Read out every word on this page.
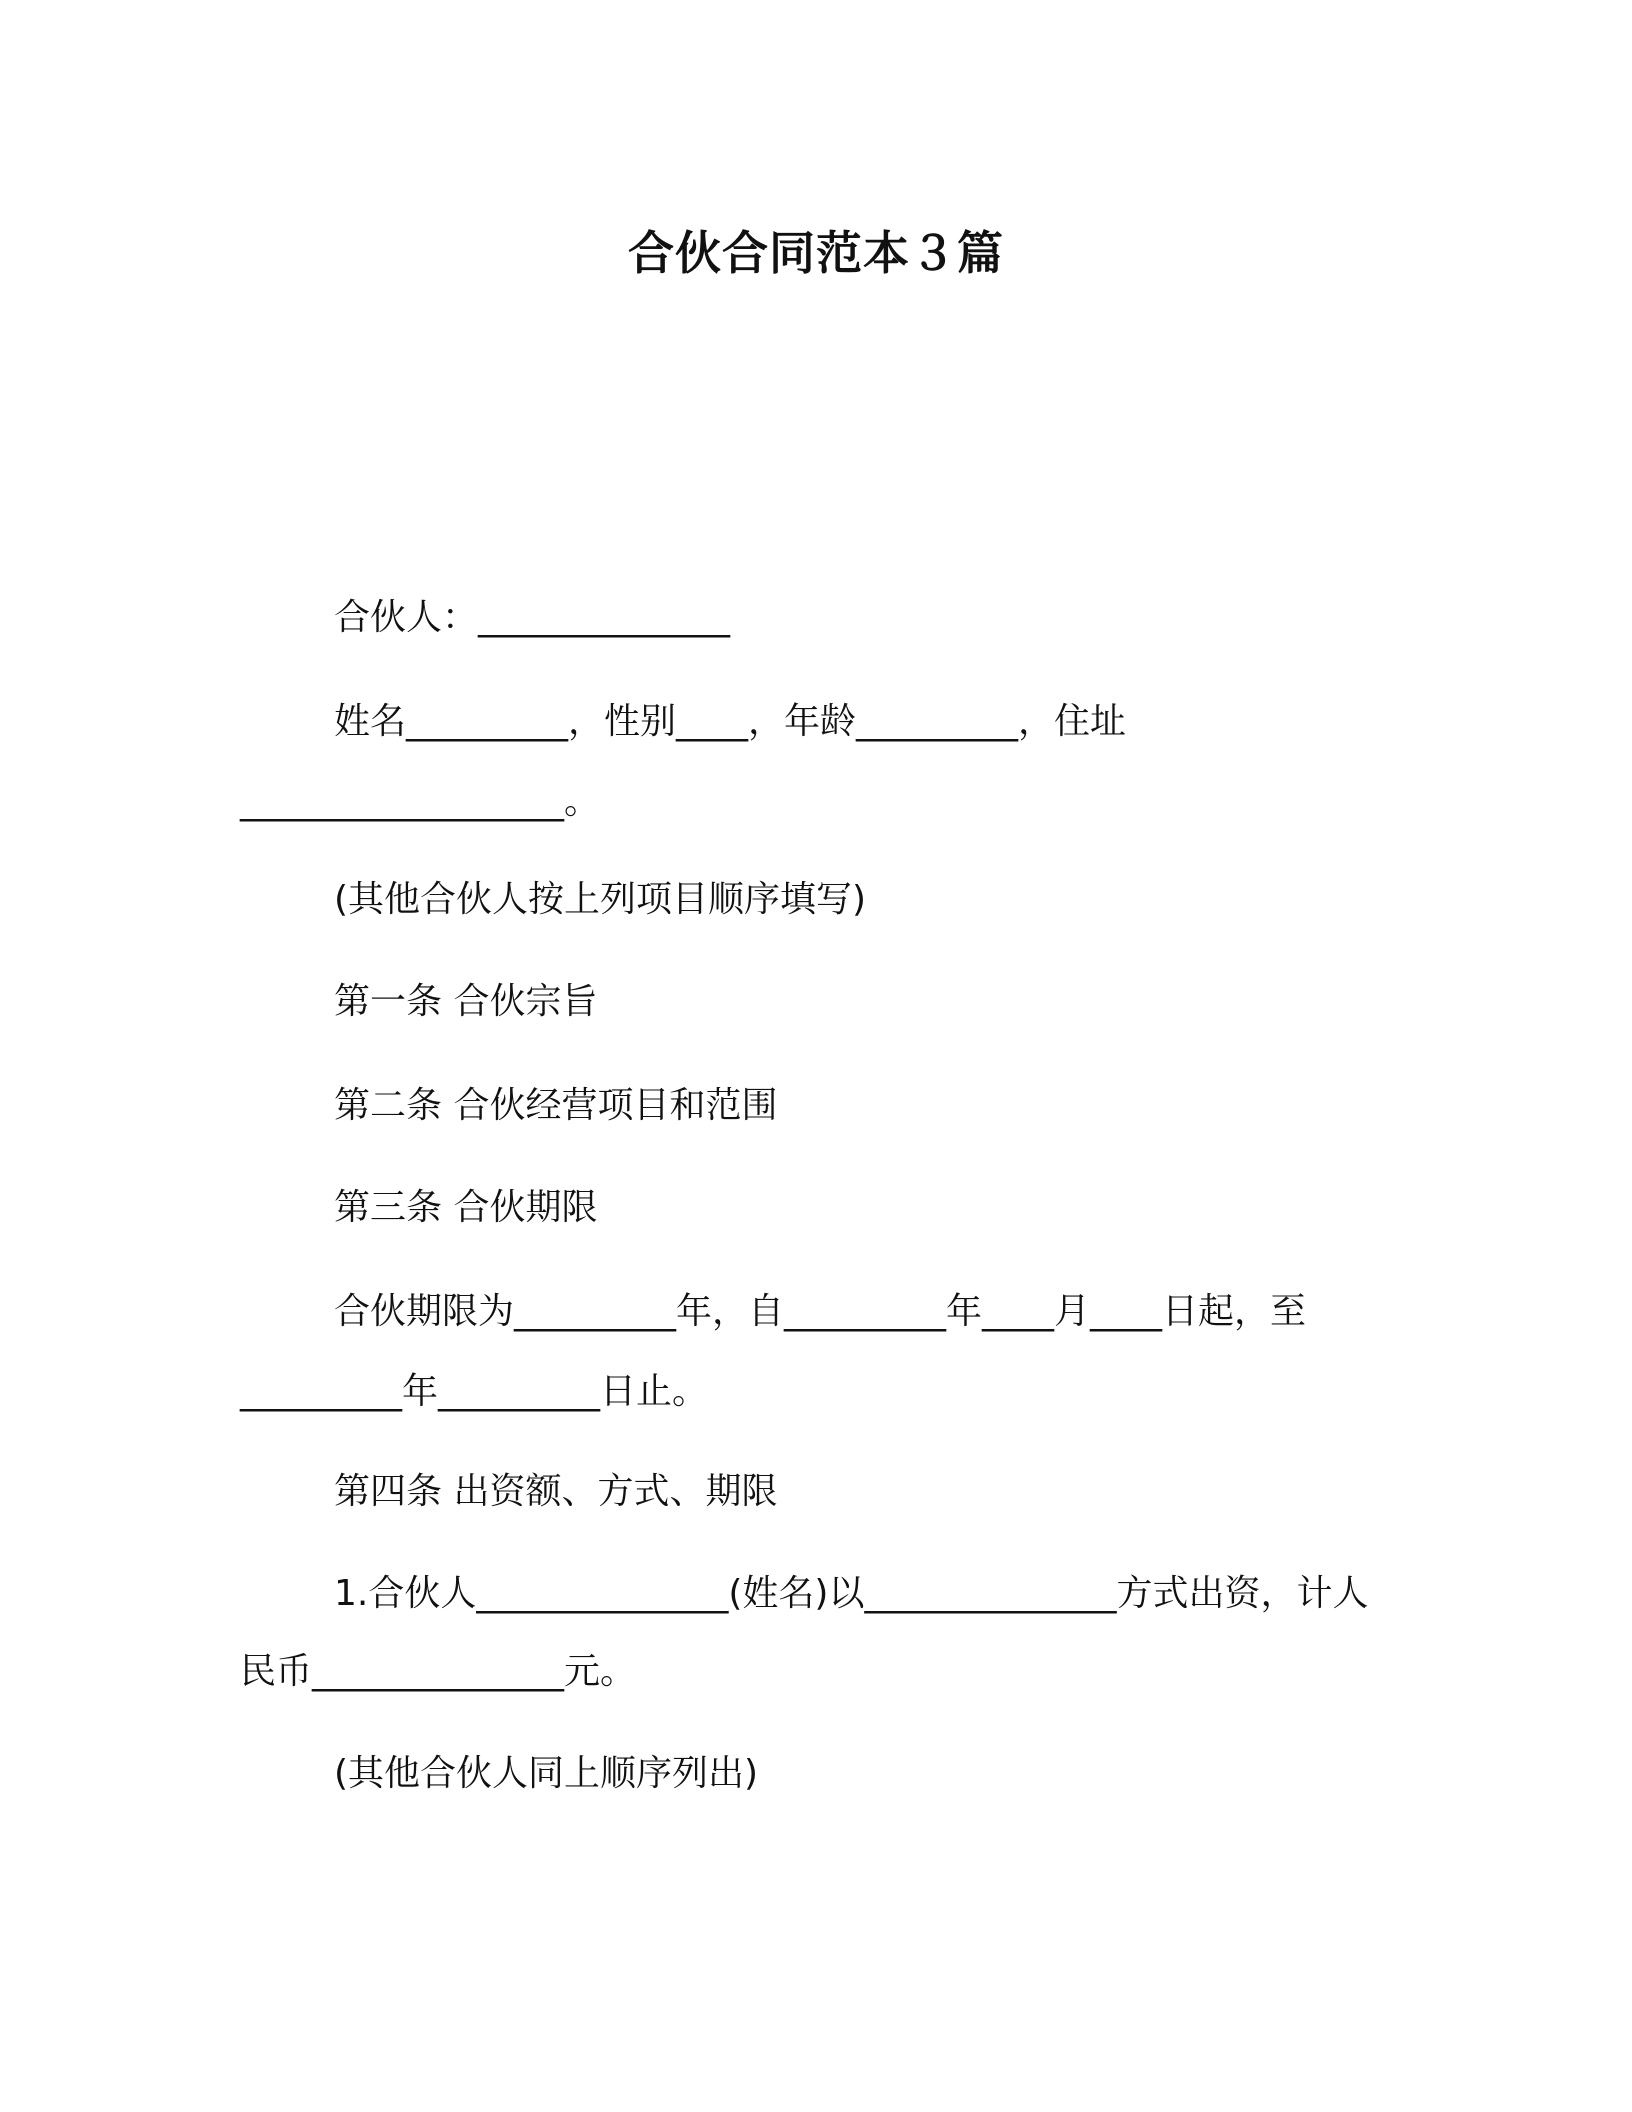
合伙合同范本３篇

合伙人：______________

姓名_________，性别____，年龄_________，住址

__________________。

(其他合伙人按上列项目顺序填写)

第一条 合伙宗旨

第二条 合伙经营项目和范围

第三条 合伙期限

合伙期限为_________年，自_________年____月____日起，至

_________年_________日止。

第四条 出资额、方式、期限

1.合伙人______________(姓名)以______________方式出资，计人

民币______________元。

(其他合伙人同上顺序列出)
